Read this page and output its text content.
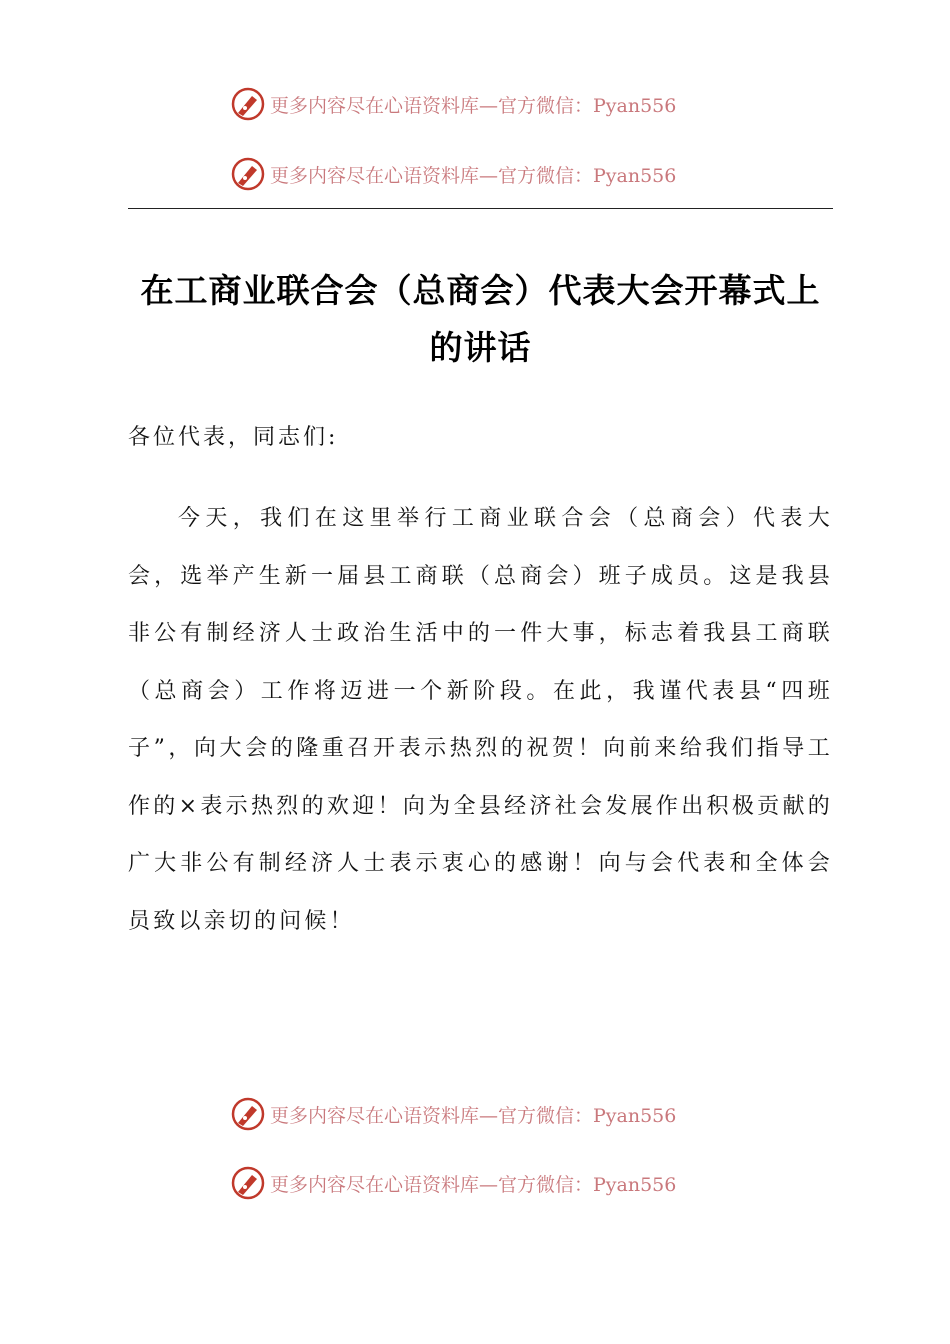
更多内容尽在心语资料库—官方微信：Pyan556
更多内容尽在心语资料库—官方微信：Pyan556
在工商业联合会（总商会）代表大会开幕式上的讲话
各位代表，同志们:
今天，我们在这里举行工商业联合会（总商会）代表大会，选举产生新一届县工商联（总商会）班子成员。这是我县非公有制经济人士政治生活中的一件大事，标志着我县工商联（总商会）工作将迈进一个新阶段。在此，我谨代表县“四班子”，向大会的隆重召开表示热烈的祝贺！向前来给我们指导工作的×表示热烈的欢迎！向为全县经济社会发展作出积极贡献的广大非公有制经济人士表示衷心的感谢！向与会代表和全体会员致以亲切的问候！
更多内容尽在心语资料库—官方微信：Pyan556
更多内容尽在心语资料库—官方微信：Pyan556
